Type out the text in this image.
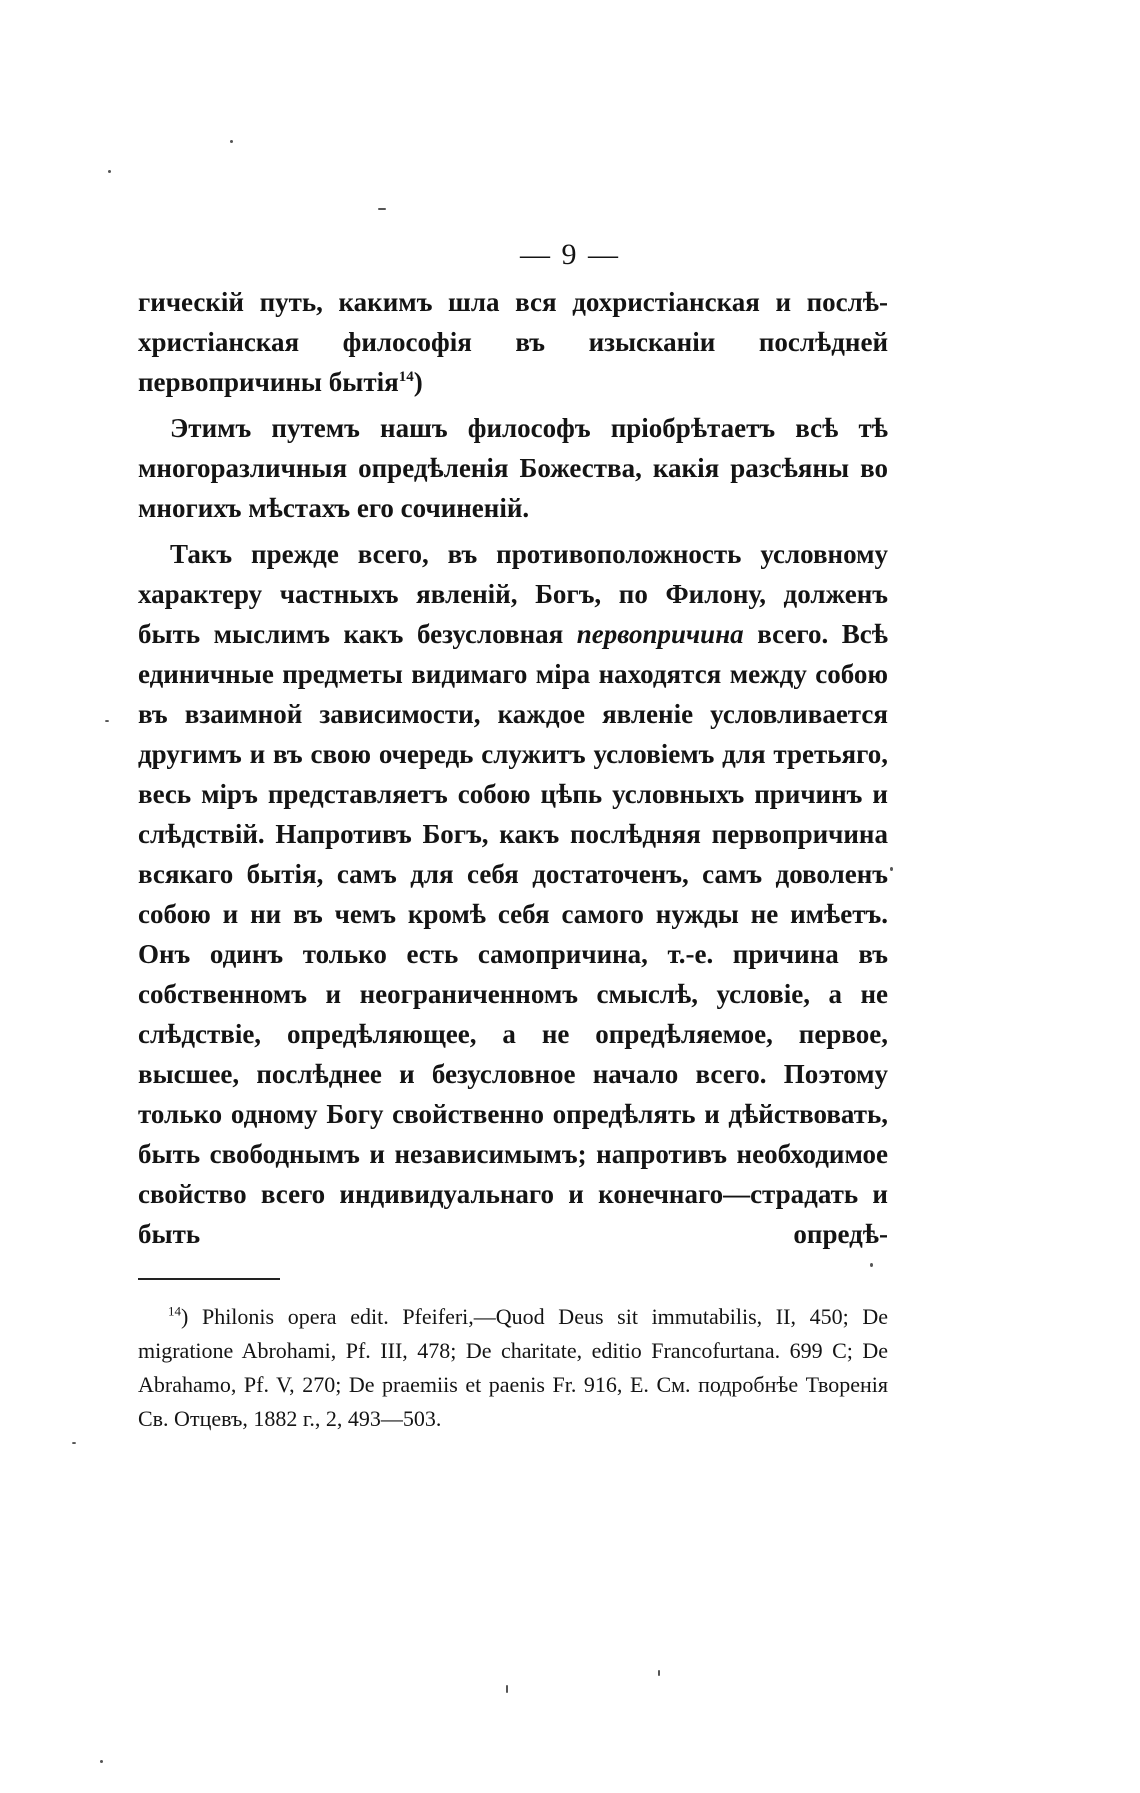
— 9 —

гическій путь, какимъ шла вся дохристіанская и послѣ-христіанская философія въ изысканіи послѣдней первопричины бытія$^{14}$)

Этимъ путемъ нашъ философъ пріобрѣтаетъ всѣ тѣ многоразличныя опредѣленія Божества, какія разсѣяны во многихъ мѣстахъ его сочиненій.

Такъ прежде всего, въ противоположность условному характеру частныхъ явленій, Богъ, по Филону, долженъ быть мыслимъ какъ безусловная первопричина всего. Всѣ единичные предметы видимаго міра находятся между собою въ взаимной зависимости, каждое явленіе условливается другимъ и въ свою очередь служитъ условіемъ для третьяго, весь міръ представляетъ собою цѣпь условныхъ причинъ и слѣдствій. Напротивъ Богъ, какъ послѣдняя первопричина всякаго бытія, самъ для себя достаточенъ, самъ доволенъ собою и ни въ чемъ кромѣ себя самого нужды не имѣетъ. Онъ одинъ только есть самопричина, т.-е. причина въ собственномъ и неограниченномъ смыслѣ, условіе, а не слѣдствіе, опредѣляющее, а не опредѣляемое, первое, высшее, послѣднее и безусловное начало всего. Поэтому только одному Богу свойственно опредѣлять и дѣйствовать, быть свободнымъ и независимымъ; напротивъ необходимое свойство всего индивидуальнаго и конечнаго—страдать и быть опредѣ-

$^{14}$) Philonis opera edit. Pfeiferi,—Quod Deus sit immutabilis, II, 450; De migratione Abrohami, Pf. III, 478; De charitate, editio Francofurtana. 699 C; De Abrahamo, Pf. V, 270; De praemiis et paenis Fr. 916, E. См. подробнѣе Творенія Св. Отцевъ, 1882 г., 2, 493—503.
